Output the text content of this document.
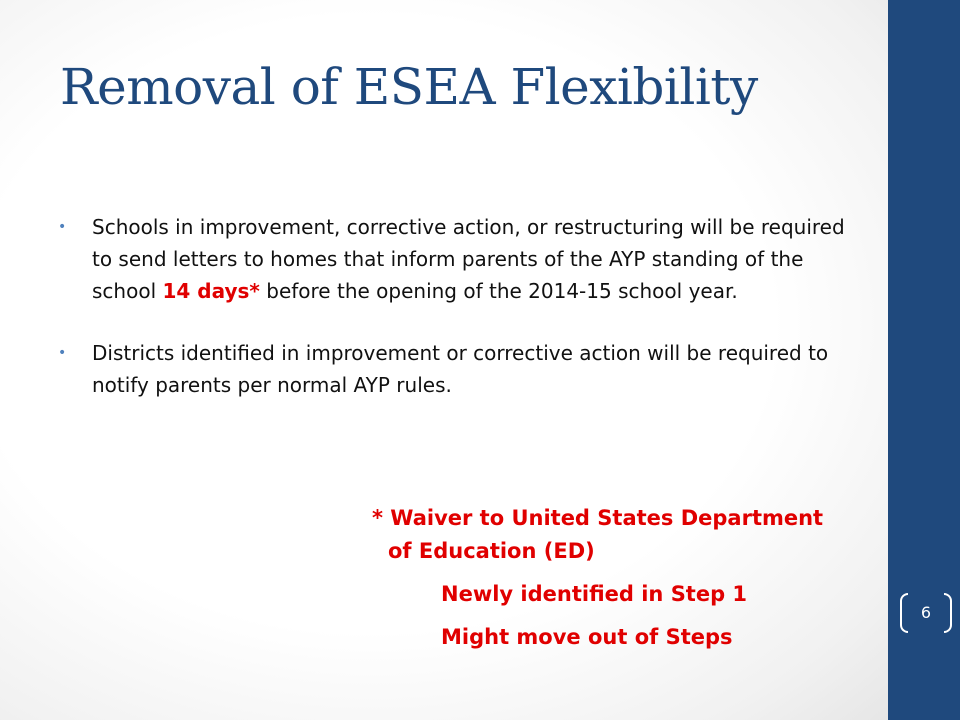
Removal of ESEA Flexibility
• Schools in improvement, corrective action, or restructuring will be required to send letters to homes that inform parents of the AYP standing of the school 14 days* before the opening of the 2014-15 school year.
• Districts identified in improvement or corrective action will be required to notify parents per normal AYP rules.
* Waiver to United States Department
of Education (ED)
Newly identified in Step 1
Might move out of Steps
6
